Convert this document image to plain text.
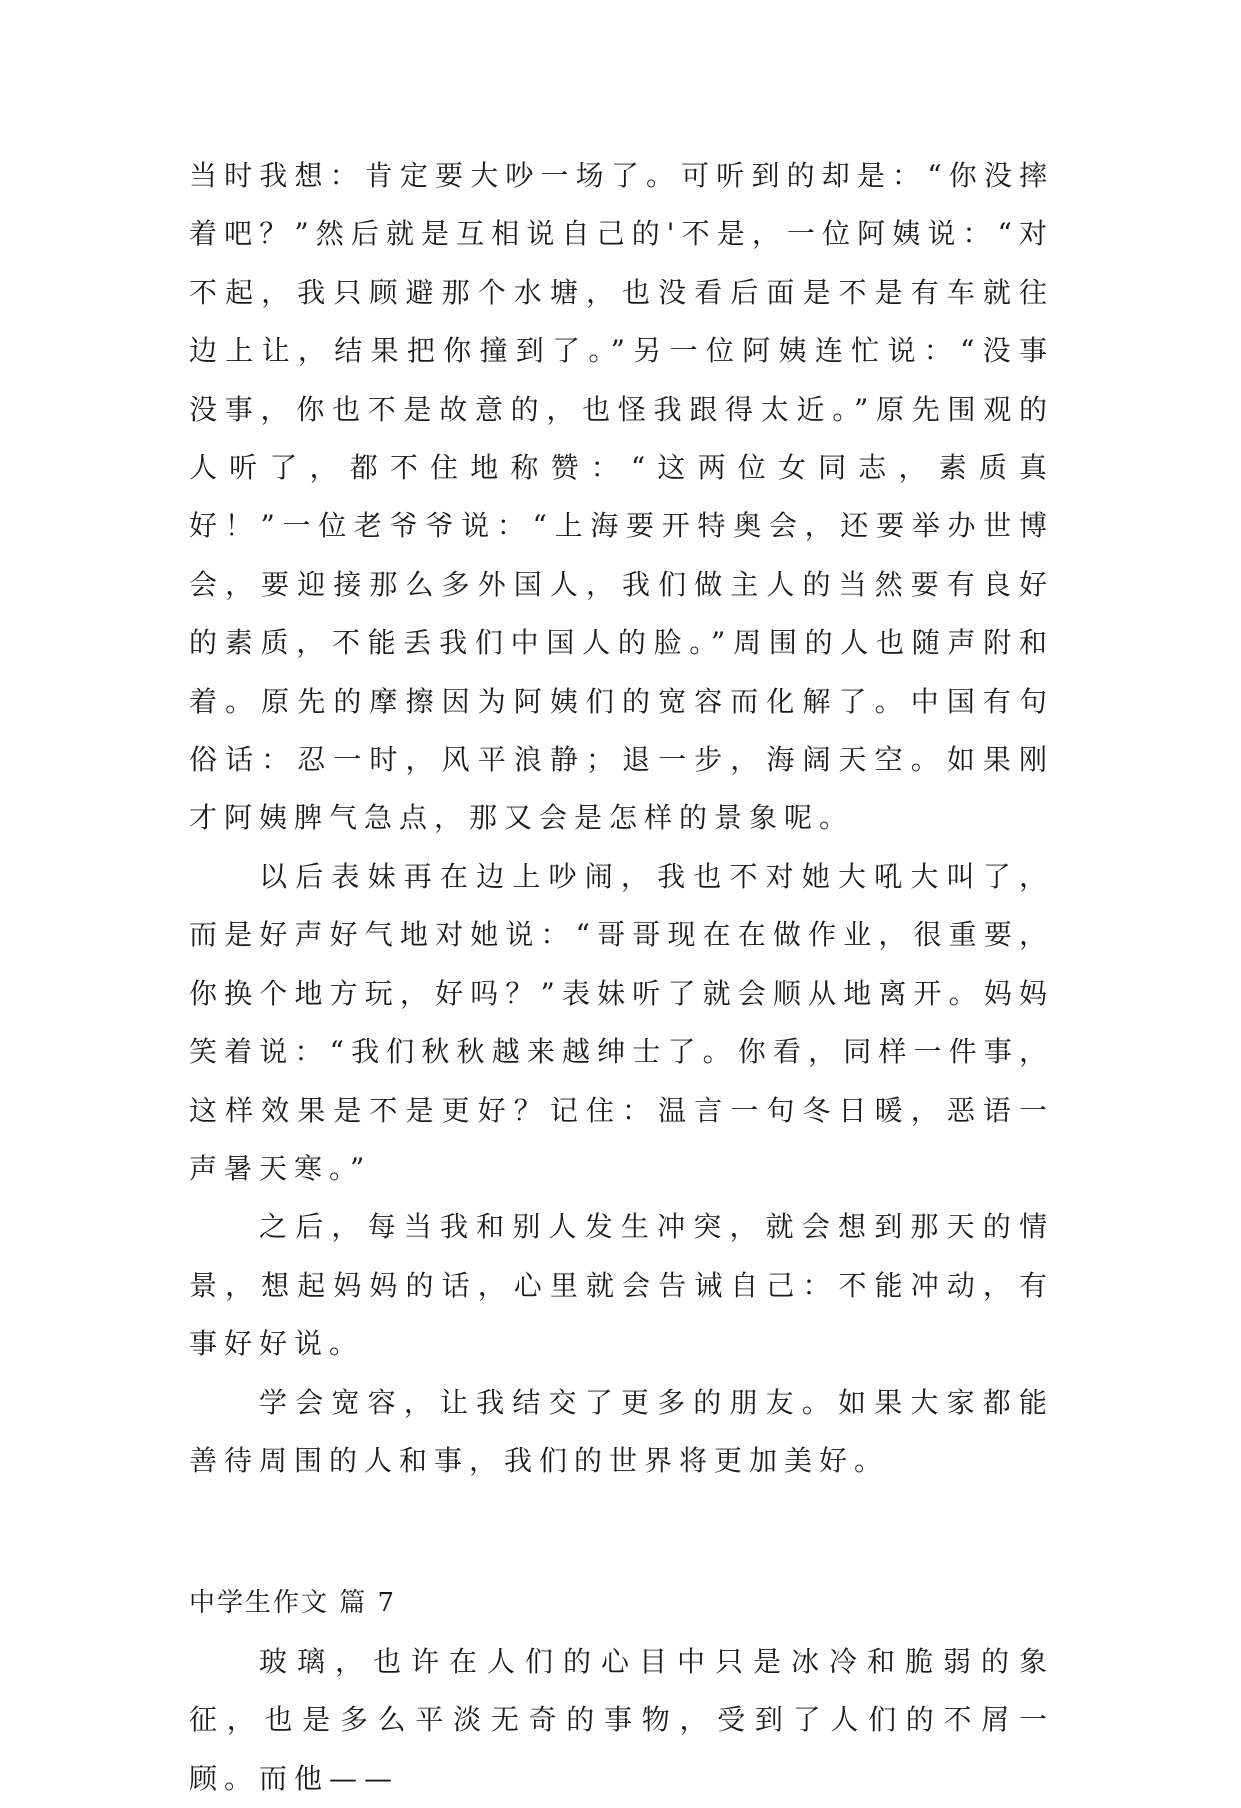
当时我想：肯定要大吵一场了。可听到的却是：“你没摔着吧？”然后就是互相说自己的'不是，一位阿姨说：“对不起，我只顾避那个水塘，也没看后面是不是有车就往边上让，结果把你撞到了。”另一位阿姨连忙说：“没事没事，你也不是故意的，也怪我跟得太近。”原先围观的人听了，都不住地称赞：“这两位女同志，素质真好！”一位老爷爷说：“上海要开特奥会，还要举办世博会，要迎接那么多外国人，我们做主人的当然要有良好的素质，不能丢我们中国人的脸。”周围的人也随声附和着。原先的摩擦因为阿姨们的宽容而化解了。中国有句俗话：忍一时，风平浪静；退一步，海阔天空。如果刚才阿姨脾气急点，那又会是怎样的景象呢。

以后表妹再在边上吵闹，我也不对她大吼大叫了，而是好声好气地对她说：“哥哥现在在做作业，很重要，你换个地方玩，好吗？”表妹听了就会顺从地离开。妈妈笑着说：“我们秋秋越来越绅士了。你看，同样一件事，这样效果是不是更好？记住：温言一句冬日暖，恶语一声暑天寒。”

之后，每当我和别人发生冲突，就会想到那天的情景，想起妈妈的话，心里就会告诫自己：不能冲动，有事好好说。

学会宽容，让我结交了更多的朋友。如果大家都能善待周围的人和事，我们的世界将更加美好。

中学生作文 篇 7

玻璃，也许在人们的心目中只是冰冷和脆弱的象征，也是多么平淡无奇的事物，受到了人们的不屑一顾。而他——
